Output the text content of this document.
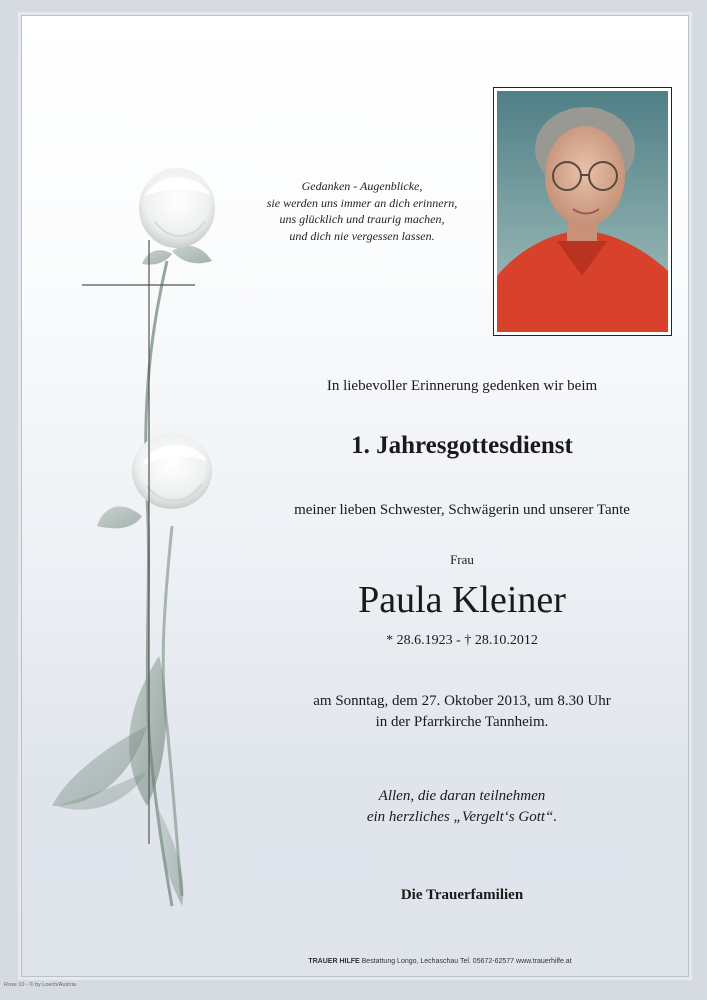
Gedanken - Augenblicke,
sie werden uns immer an dich erinnern,
uns glücklich und traurig machen,
und dich nie vergessen lassen.
In liebevoller Erinnerung gedenken wir beim
1. Jahresgottesdienst
meiner lieben Schwester, Schwägerin und unserer Tante
Frau
Paula Kleiner
* 28.6.1923 - † 28.10.2012
am Sonntag, dem 27. Oktober 2013, um 8.30 Uhr
in der Pfarrkirche Tannheim.
Allen, die daran teilnehmen
ein herzliches „Vergelt‘s Gott“.
Die Trauerfamilien
TRAUER HILFE Bestattung Longo, Lechaschau Tel. 05672-62577 www.trauerhilfe.at
Rose 10 - © by Loech/Austria
